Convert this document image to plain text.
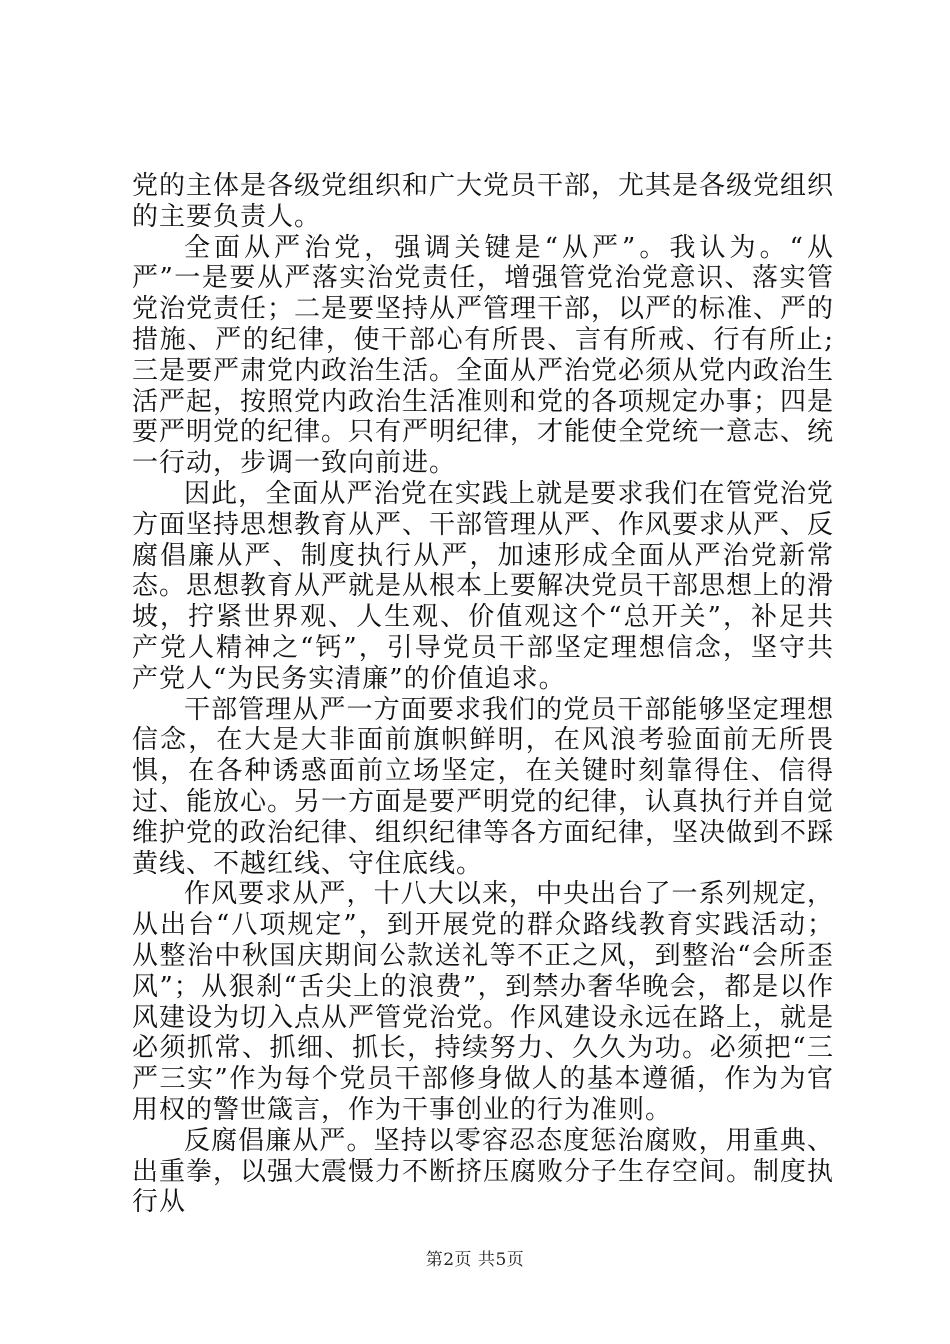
党的主体是各级党组织和广大党员干部，尤其是各级党组织的主要负责人。

全面从严治党，强调关键是“从严”。我认为。“从严”一是要从严落实治党责任，增强管党治党意识、落实管党治党责任；二是要坚持从严管理干部，以严的标准、严的措施、严的纪律，使干部心有所畏、言有所戒、行有所止;三是要严肃党内政治生活。全面从严治党必须从党内政治生活严起，按照党内政治生活准则和党的各项规定办事；四是要严明党的纪律。只有严明纪律，才能使全党统一意志、统一行动，步调一致向前进。

因此，全面从严治党在实践上就是要求我们在管党治党方面坚持思想教育从严、干部管理从严、作风要求从严、反腐倡廉从严、制度执行从严，加速形成全面从严治党新常态。思想教育从严就是从根本上要解决党员干部思想上的滑坡，拧紧世界观、人生观、价值观这个“总开关”，补足共产党人精神之“钙”，引导党员干部坚定理想信念，坚守共产党人“为民务实清廉”的价值追求。

干部管理从严一方面要求我们的党员干部能够坚定理想信念，在大是大非面前旗帜鲜明，在风浪考验面前无所畏惧，在各种诱惑面前立场坚定，在关键时刻靠得住、信得过、能放心。另一方面是要严明党的纪律，认真执行并自觉维护党的政治纪律、组织纪律等各方面纪律，坚决做到不踩黄线、不越红线、守住底线。

作风要求从严，十八大以来，中央出台了一系列规定，从出台“八项规定”，到开展党的群众路线教育实践活动；从整治中秋国庆期间公款送礼等不正之风，到整治“会所歪风”；从狠刹“舌尖上的浪费”，到禁办奢华晚会，都是以作风建设为切入点从严管党治党。作风建设永远在路上，就是必须抓常、抓细、抓长，持续努力、久久为功。必须把“三严三实”作为每个党员干部修身做人的基本遵循，作为为官用权的警世箴言，作为干事创业的行为准则。

反腐倡廉从严。坚持以零容忍态度惩治腐败，用重典、出重拳，以强大震慑力不断挤压腐败分子生存空间。制度执行从

第2页 共5页
